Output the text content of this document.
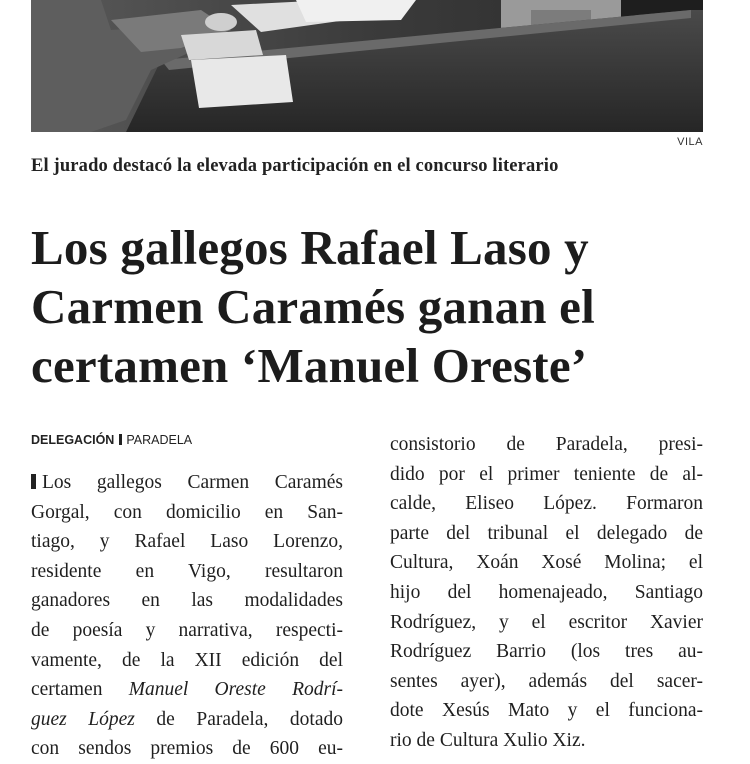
VILA
El jurado destacó la elevada participación en el concurso literario
Los gallegos Rafael Laso y
Carmen Caramés ganan el
certamen ‘Manuel Oreste’
DELEGACIÓN PARADELA
Los gallegos Carmen Caramés
Gorgal, con domicilio en San-
tiago, y Rafael Laso Lorenzo,
residente en Vigo, resultaron
ganadores en las modalidades
de poesía y narrativa, respecti-
vamente, de la XII edición del
certamen Manuel Oreste Rodrí-
guez López de Paradela, dotado
con sendos premios de 600 eu-
consistorio de Paradela, presi-
dido por el primer teniente de al-
calde, Eliseo López. Formaron
parte del tribunal el delegado de
Cultura, Xoán Xosé Molina; el
hijo del homenajeado, Santiago
Rodríguez, y el escritor Xavier
Rodríguez Barrio (los tres au-
sentes ayer), además del sacer-
dote Xesús Mato y el funciona-
rio de Cultura Xulio Xiz.
